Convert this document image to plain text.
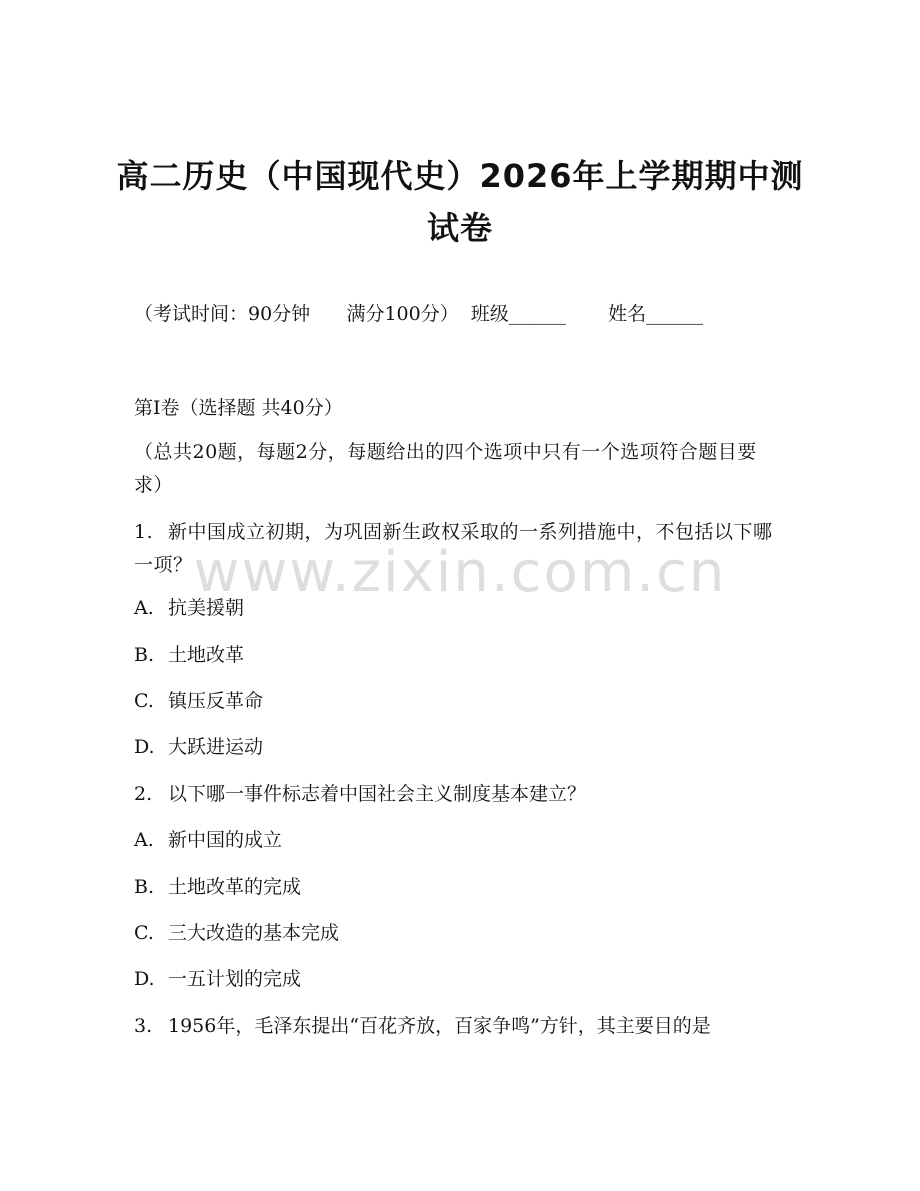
高二历史（中国现代史）2026年上学期期中测试卷
（考试时间：90分钟 满分100分） 班级______ 姓名______
第Ⅰ卷（选择题 共40分）
（总共20题，每题2分，每题给出的四个选项中只有一个选项符合题目要求）
1. 新中国成立初期，为巩固新生政权采取的一系列措施中，不包括以下哪一项？
A. 抗美援朝
B. 土地改革
C. 镇压反革命
D. 大跃进运动
2. 以下哪一事件标志着中国社会主义制度基本建立？
A. 新中国的成立
B. 土地改革的完成
C. 三大改造的基本完成
D. 一五计划的完成
3. 1956年，毛泽东提出“百花齐放，百家争鸣”方针，其主要目的是
www.zixin.com.cn
